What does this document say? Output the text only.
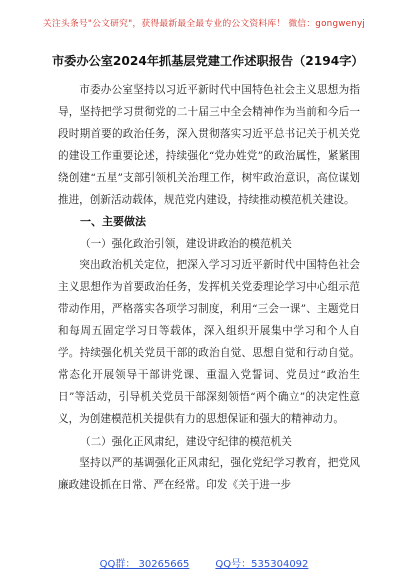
关注头条号"公文研究"，获得最新最全最专业的公文资料库！ 微信：gongwenyj
市委办公室2024年抓基层党建工作述职报告（2194字）

市委办公室坚持以习近平新时代中国特色社会主义思想为指导，坚持把学习贯彻党的二十届三中全会精神作为当前和今后一段时期首要的政治任务，深入贯彻落实习近平总书记关于机关党的建设工作重要论述，持续强化“党办姓党”的政治属性，紧紧围绕创建“五星”支部引领机关治理工作，树牢政治意识，高位谋划推进，创新活动载体，规范党内建设，持续推动模范机关建设。

一、主要做法

（一）强化政治引领，建设讲政治的模范机关

突出政治机关定位，把深入学习习近平新时代中国特色社会主义思想作为首要政治任务，发挥机关党委理论学习中心组示范带动作用，严格落实各项学习制度，利用“三会一课”、主题党日和每周五固定学习日等载体，深入组织开展集中学习和个人自学。持续强化机关党员干部的政治自觉、思想自觉和行动自觉。常态化开展领导干部讲党课、重温入党誓词、党员过“政治生日”等活动，引导机关党员干部深刻领悟“两个确立”的决定性意义，为创建模范机关提供有力的思想保证和强大的精神动力。

（二）强化正风肃纪，建设守纪律的模范机关

坚持以严的基调强化正风肃纪，强化党纪学习教育，把党风廉政建设抓在日常、严在经常。印发《关于进一步

QQ群： 30265665	QQ号：535304092
